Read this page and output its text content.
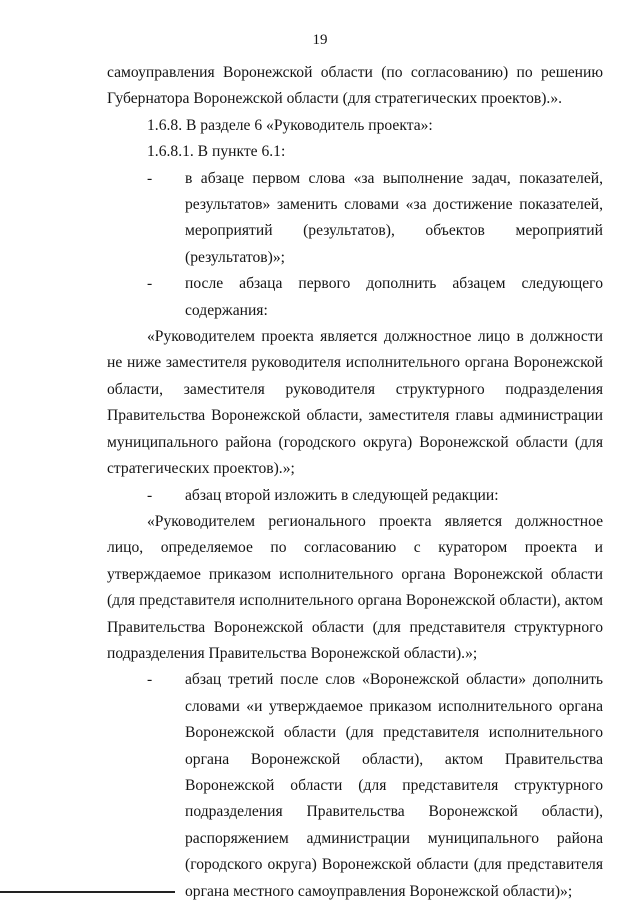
19

самоуправления Воронежской области (по согласованию) по решению Губернатора Воронежской области (для стратегических проектов).».

1.6.8. В разделе 6 «Руководитель проекта»:

1.6.8.1. В пункте 6.1:

-	в абзаце первом слова «за выполнение задач, показателей, результатов» заменить словами «за достижение показателей, мероприятий (результатов), объектов мероприятий (результатов)»;
-	после абзаца первого дополнить абзацем следующего содержания:

«Руководителем проекта является должностное лицо в должности не ниже заместителя руководителя исполнительного органа Воронежской области, заместителя руководителя структурного подразделения Правительства Воронежской области, заместителя главы администрации муниципального района (городского округа) Воронежской области (для стратегических проектов).»;

-	абзац второй изложить в следующей редакции:

«Руководителем регионального проекта является должностное лицо, определяемое по согласованию с куратором проекта и утверждаемое приказом исполнительного органа Воронежской области (для представителя исполнительного органа Воронежской области), актом Правительства Воронежской области (для представителя структурного подразделения Правительства Воронежской области).»;

-	абзац третий после слов «Воронежской области» дополнить словами «и утверждаемое приказом исполнительного органа Воронежской области (для представителя исполнительного органа Воронежской области), актом Правительства Воронежской области (для представителя структурного подразделения Правительства Воронежской области), распоряжением администрации муниципального района (городского округа) Воронежской области (для представителя органа местного самоуправления Воронежской области)»;
